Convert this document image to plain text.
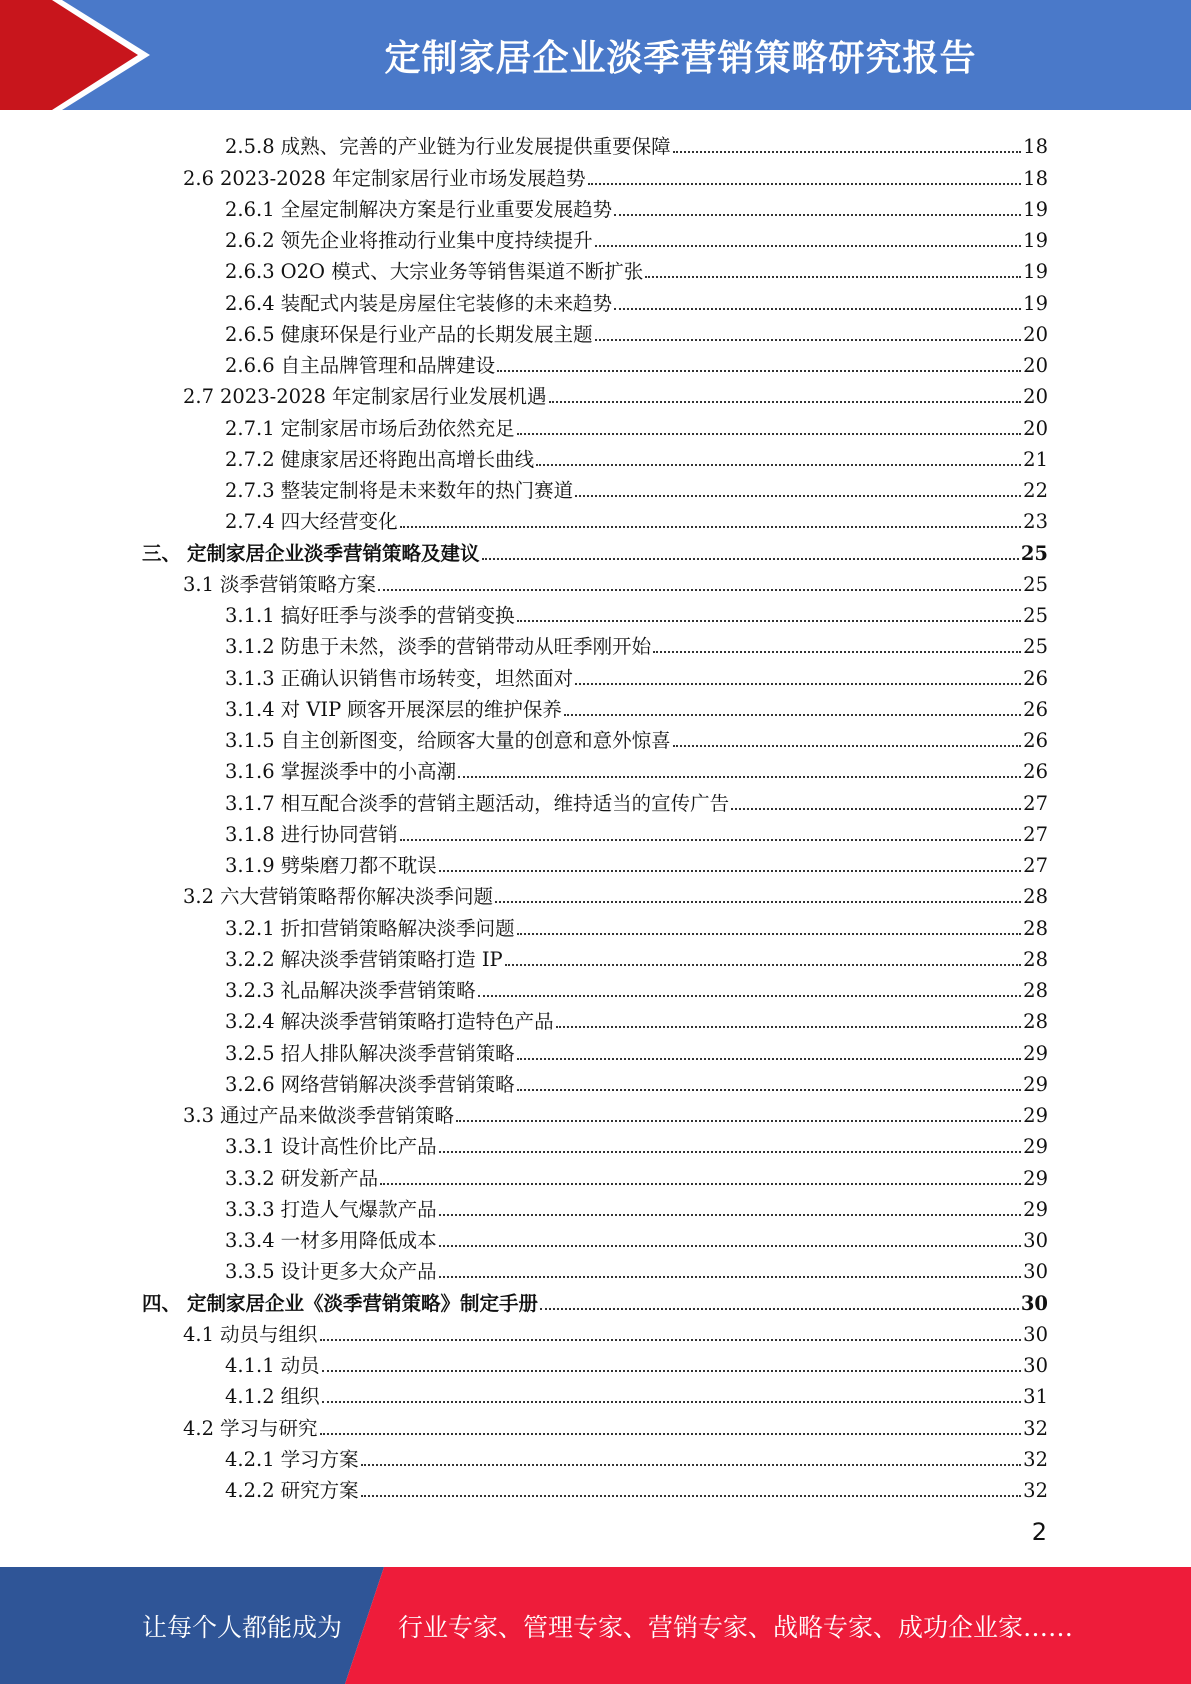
定制家居企业淡季营销策略研究报告
2.5.8 成熟、完善的产业链为行业发展提供重要保障	18
2.6 2023-2028 年定制家居行业市场发展趋势	18
2.6.1 全屋定制解决方案是行业重要发展趋势	19
2.6.2 领先企业将推动行业集中度持续提升	19
2.6.3 O2O 模式、大宗业务等销售渠道不断扩张	19
2.6.4 装配式内装是房屋住宅装修的未来趋势	19
2.6.5 健康环保是行业产品的长期发展主题	20
2.6.6 自主品牌管理和品牌建设	20
2.7 2023-2028 年定制家居行业发展机遇	20
2.7.1 定制家居市场后劲依然充足	20
2.7.2 健康家居还将跑出高增长曲线	21
2.7.3 整装定制将是未来数年的热门赛道	22
2.7.4 四大经营变化	23
三、 定制家居企业淡季营销策略及建议	25
3.1 淡季营销策略方案	25
3.1.1 搞好旺季与淡季的营销变换	25
3.1.2 防患于未然，淡季的营销带动从旺季刚开始	25
3.1.3 正确认识销售市场转变，坦然面对	26
3.1.4 对 VIP 顾客开展深层的维护保养	26
3.1.5 自主创新图变，给顾客大量的创意和意外惊喜	26
3.1.6 掌握淡季中的小高潮	26
3.1.7 相互配合淡季的营销主题活动，维持适当的宣传广告	27
3.1.8 进行协同营销	27
3.1.9 劈柴磨刀都不耽误	27
3.2 六大营销策略帮你解决淡季问题	28
3.2.1 折扣营销策略解决淡季问题	28
3.2.2 解决淡季营销策略打造 IP	28
3.2.3 礼品解决淡季营销策略	28
3.2.4 解决淡季营销策略打造特色产品	28
3.2.5 招人排队解决淡季营销策略	29
3.2.6 网络营销解决淡季营销策略	29
3.3 通过产品来做淡季营销策略	29
3.3.1 设计高性价比产品	29
3.3.2 研发新产品	29
3.3.3 打造人气爆款产品	29
3.3.4 一材多用降低成本	30
3.3.5 设计更多大众产品	30
四、 定制家居企业《淡季营销策略》制定手册	30
4.1 动员与组织	30
4.1.1 动员	30
4.1.2 组织	31
4.2 学习与研究	32
4.2.1 学习方案	32
4.2.2 研究方案	32
2
让每个人都能成为 行业专家、管理专家、营销专家、战略专家、成功企业家……
